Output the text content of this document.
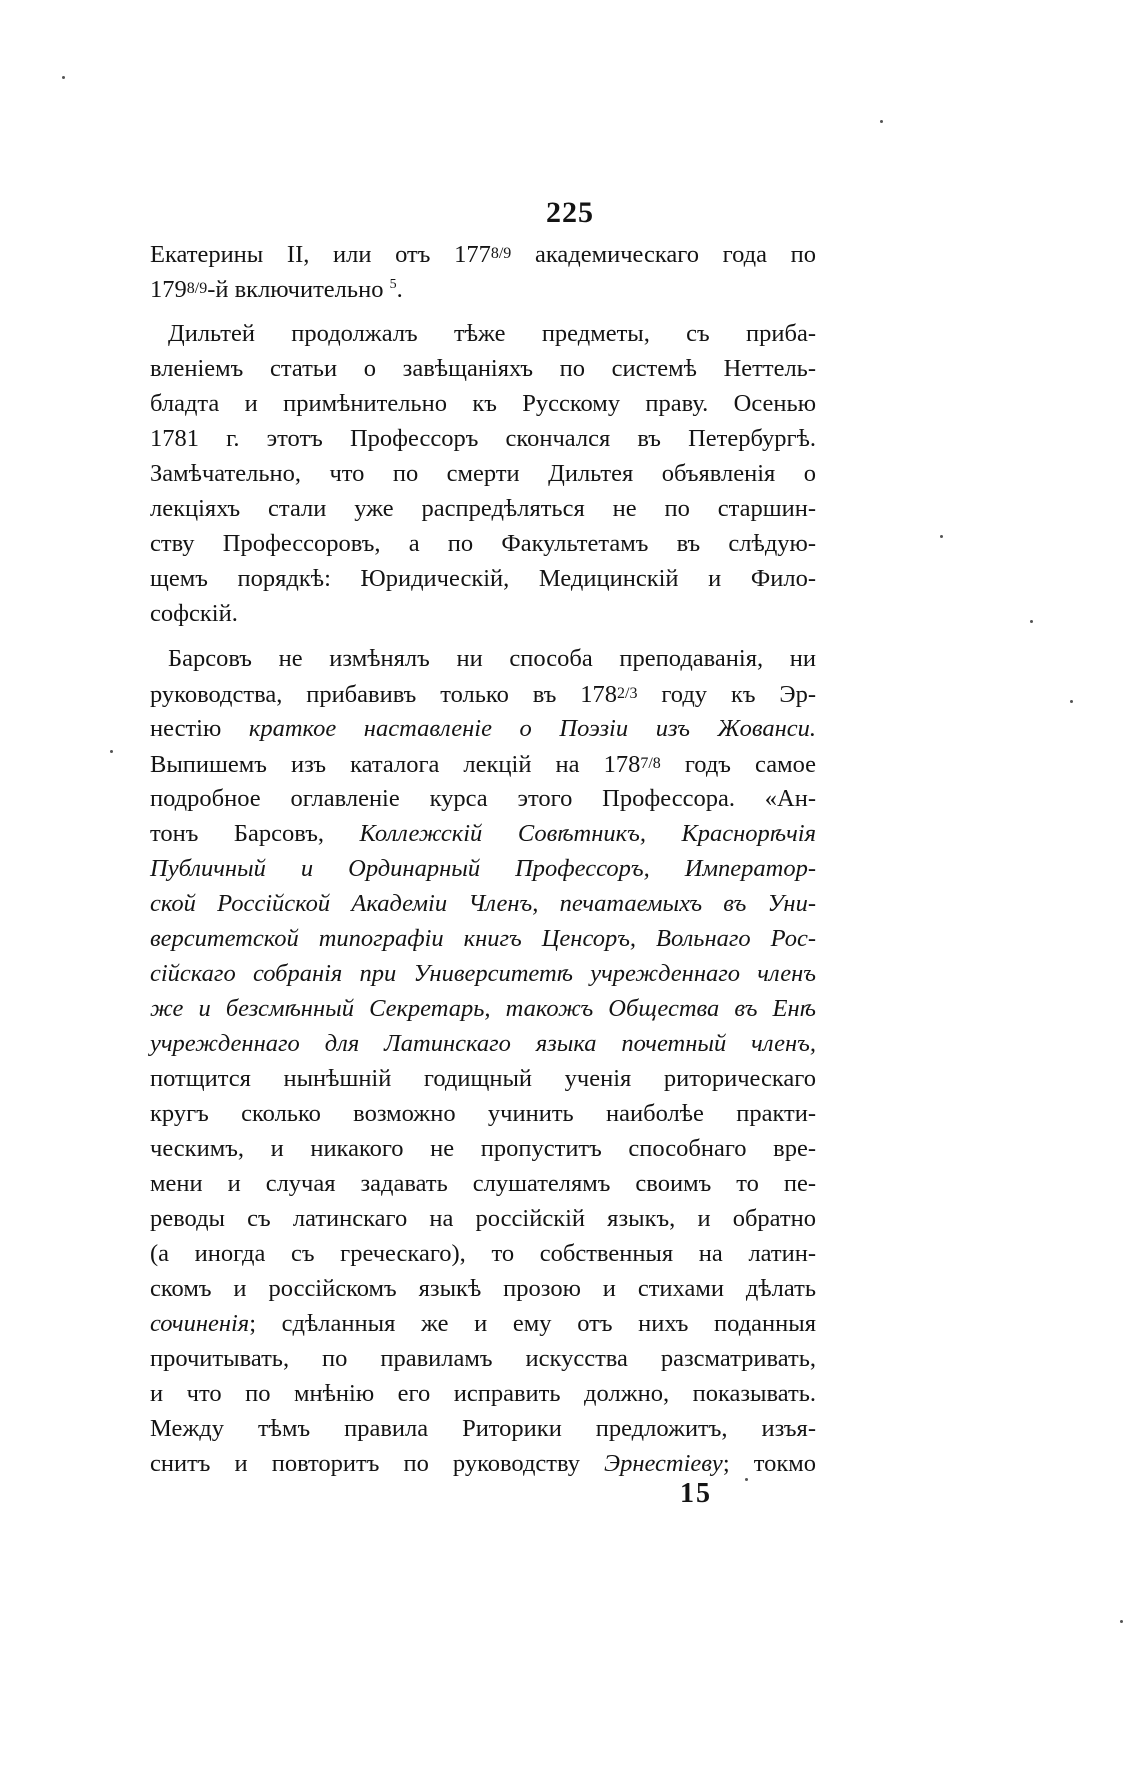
225
Екатерины II, или отъ 1778/9 академическаго года по
1798/9-й включительно $^5$.
Дильтей продолжалъ тѣже предметы, съ приба-
вленіемъ статьи о завѣщаніяхъ по системѣ Неттель-
бладта и примѣнительно къ Русскому праву. Осенью
1781 г. этотъ Профессоръ скончался въ Петербургѣ.
Замѣчательно, что по смерти Дильтея объявленія о
лекціяхъ стали уже распредѣляться не по старшин-
ству Профессоровъ, а по Факультетамъ въ слѣдую-
щемъ порядкѣ: Юридическій, Медицинскій и Фило-
софскій.
Барсовъ не измѣнялъ ни способа преподаванія, ни
руководства, прибавивъ только въ 1782/3 году къ Эр-
нестію краткое наставленіе о Поэзіи изъ Жованси.
Выпишемъ изъ каталога лекцій на 1787/8 годъ самое
подробное оглавленіе курса этого Профессора. «Ан-
тонъ Барсовъ, Коллежскій Совѣтникъ, Краснорѣчія
Публичный и Ординарный Профессоръ, Император-
ской Россійской Академіи Членъ, печатаемыхъ въ Уни-
верситетской типографіи книгъ Ценсоръ, Вольнаго Рос-
сійскаго собранія при Университетѣ учрежденнаго членъ
же и безсмѣнный Секретарь, такожъ Общества въ Енѣ
учрежденнаго для Латинскаго языка почетный членъ,
потщится нынѣшній годищный ученія риторическаго
кругъ сколько возможно учинить наиболѣе практи-
ческимъ, и никакого не пропуститъ способнаго вре-
мени и случая задавать слушателямъ своимъ то пе-
реводы съ латинскаго на россійскій языкъ, и обратно
(а иногда съ греческаго), то собственныя на латин-
скомъ и россійскомъ языкѣ прозою и стихами дѣлать
сочиненія; сдѣланныя же и ему отъ нихъ поданныя
прочитывать, по правиламъ искусства разсматривать,
и что по мнѣнію его исправить должно, показывать.
Между тѣмъ правила Риторики предложитъ, изъя-
снитъ и повторитъ по руководству Эрнестіеву; токмо
15
